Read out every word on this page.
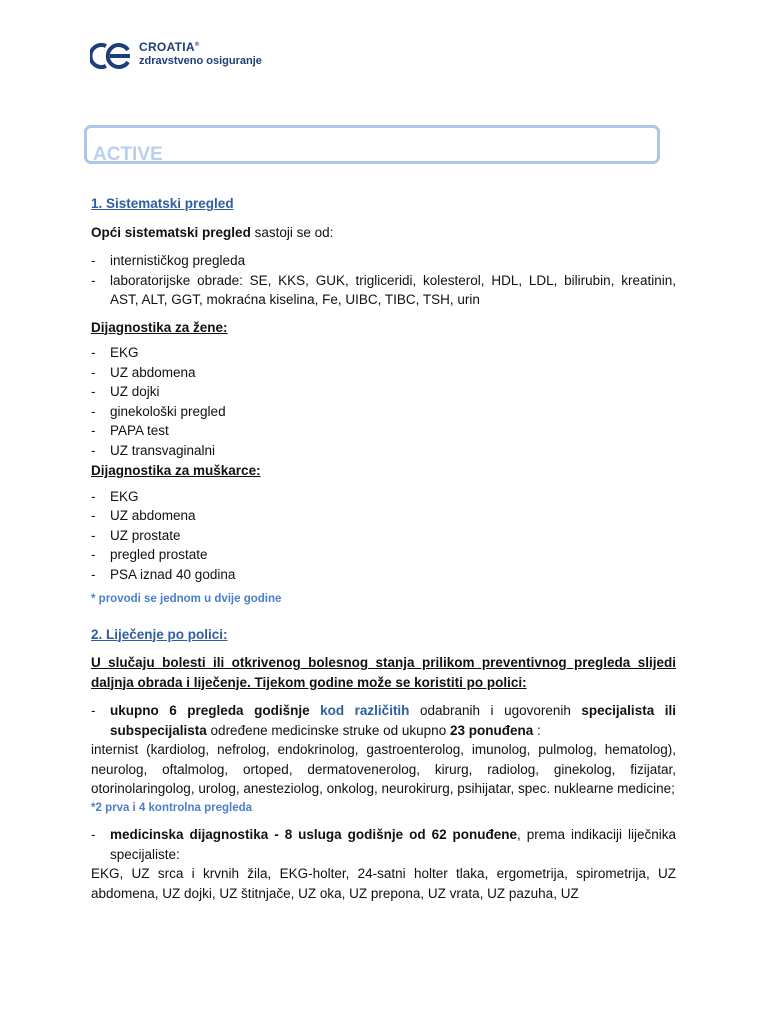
CROATIA®
zdravstveno osiguranje
ACTIVE

1. Sistematski pregled

Opći sistematski pregled sastoji se od:

- internističkog pregleda
- laboratorijske obrade: SE, KKS, GUK, trigliceridi, kolesterol, HDL, LDL, bilirubin, kreatinin, AST, ALT, GGT, mokraćna kiselina, Fe, UIBC, TIBC, TSH, urin

Dijagnostika za žene:

- EKG
- UZ abdomena
- UZ dojki
- ginekološki pregled
- PAPA test
- UZ transvaginalni

Dijagnostika za muškarce:

- EKG
- UZ abdomena
- UZ prostate
- pregled prostate
- PSA iznad 40 godina

* provodi se jednom u dvije godine

2. Liječenje po polici:

U slučaju bolesti ili otkrivenog bolesnog stanja prilikom preventivnog pregleda slijedi daljnja obrada i liječenje. Tijekom godine može se koristiti po polici:

- ukupno 6 pregleda godišnje kod različitih odabranih i ugovorenih specijalista ili subspecijalista određene medicinske struke od ukupno 23 ponuđena :

internist (kardiolog, nefrolog, endokrinolog, gastroenterolog, imunolog, pulmolog, hematolog), neurolog, oftalmolog, ortoped, dermatovenerolog, kirurg, radiolog, ginekolog, fizijatar, otorinolaringolog, urolog, anesteziolog, onkolog, neurokirurg, psihijatar, spec. nuklearne medicine;

*2 prva i 4 kontrolna pregleda

- medicinska dijagnostika - 8 usluga godišnje od 62 ponuđene, prema indikaciji liječnika specijaliste:

EKG, UZ srca i krvnih žila, EKG-holter, 24-satni holter tlaka, ergometrija, spirometrija, UZ abdomena, UZ dojki, UZ štitnjače, UZ oka, UZ prepona, UZ vrata, UZ pazuha, UZ
